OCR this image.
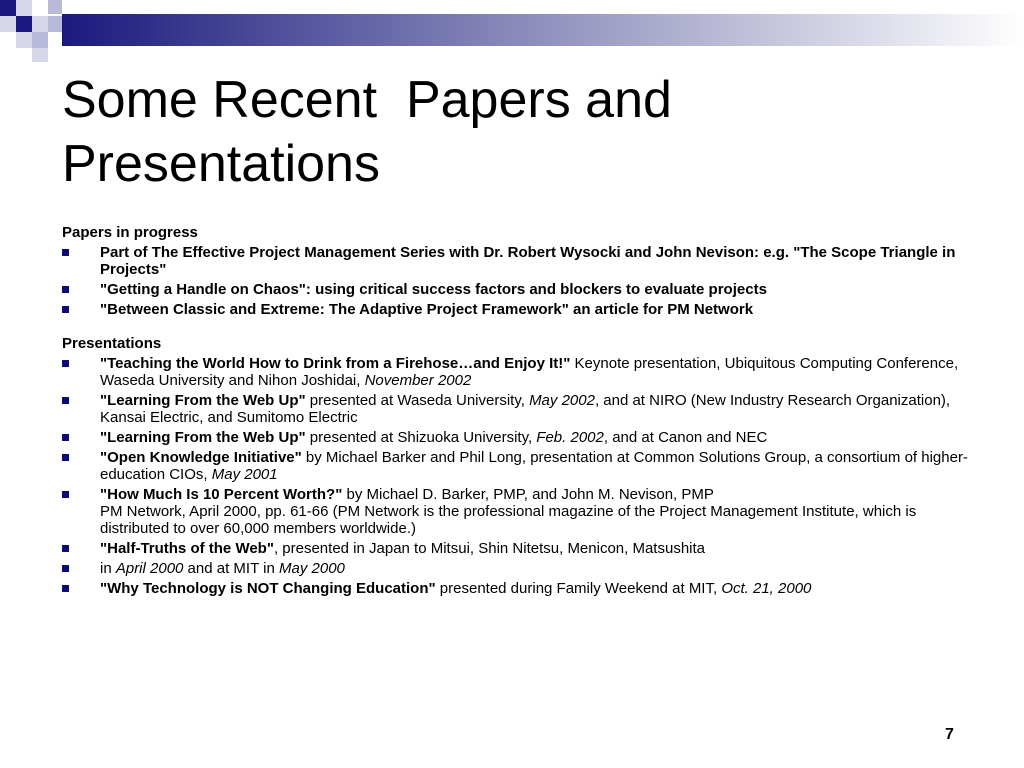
Some Recent  Papers and Presentations
Papers in progress
Part of The Effective Project Management Series with Dr. Robert Wysocki and John Nevison: e.g. "The Scope Triangle in Projects"
"Getting a Handle on Chaos": using critical success factors and blockers to evaluate projects
"Between Classic and Extreme: The Adaptive Project Framework" an article for PM Network
Presentations
"Teaching the World How to Drink from a Firehose…and Enjoy It!" Keynote presentation, Ubiquitous Computing Conference, Waseda University and Nihon Joshidai, November 2002
"Learning From the Web Up" presented at Waseda University, May 2002, and at NIRO (New Industry Research Organization), Kansai Electric, and Sumitomo Electric
"Learning From the Web Up" presented at Shizuoka University, Feb. 2002, and at Canon and NEC
"Open Knowledge Initiative" by Michael Barker and Phil Long, presentation at Common Solutions Group, a consortium of higher-education CIOs, May 2001
"How Much Is 10 Percent Worth?" by Michael D. Barker, PMP, and John M. Nevison, PMP
PM Network, April 2000, pp. 61-66 (PM Network is the professional magazine of the Project Management Institute, which is distributed to over 60,000 members worldwide.)
"Half-Truths of the Web", presented in Japan to Mitsui, Shin Nitetsu, Menicon, Matsushita
in April 2000 and at MIT in May 2000
"Why Technology is NOT Changing Education" presented during Family Weekend at MIT, Oct. 21, 2000
7
